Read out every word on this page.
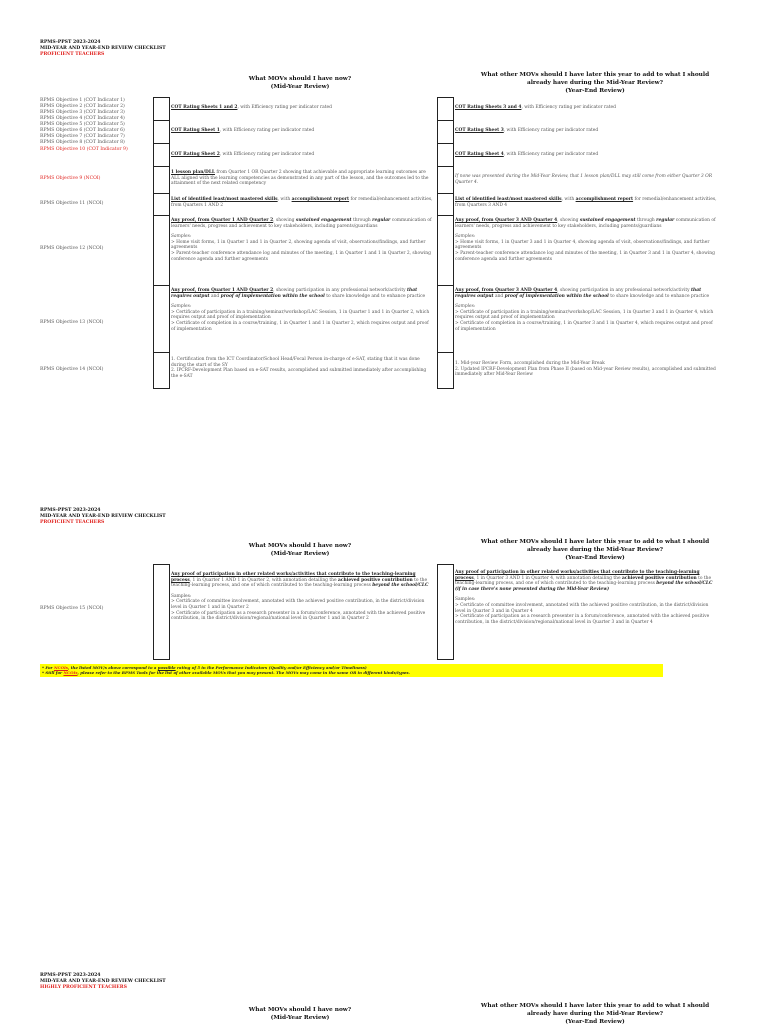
RPMS-PPST 2023-2024
MID-YEAR AND YEAR-END REVIEW CHECKLIST
PROFICIENT TEACHERS
What MOVs should I have now?
(Mid-Year Review)
What other MOVs should I have later this year to add to what I should
already have during the Mid-Year Review?
(Year-End Review)
RPMS Objective 1 (COT Indicator 1)
RPMS Objective 2 (COT Indicator 2)
RPMS Objective 3 (COT Indicator 3)
RPMS Objective 4 (COT Indicator 4)
RPMS Objective 5 (COT Indicator 5)
RPMS Objective 6 (COT Indicator 6)
RPMS Objective 7 (COT Indicator 7)
RPMS Objective 8 (COT Indicator 8)
RPMS Objective 10 (COT Indicator 9)
RPMS Objective 9 (NCOI)
RPMS Objective 11 (NCOI)
RPMS Objective 12 (NCOI)
RPMS Objective 13 (NCOI)
RPMS Objective 14 (NCOI)
COT Rating Sheets 1 and 2, with Efficiency rating per indicator rated
COT Rating Sheet 1, with Efficiency rating per indicator rated
COT Rating Sheet 2, with Efficiency rating per indicator rated
1 lesson plan/DLL from Quarter 1 OR Quarter 2 showing that achievable and appropriate learning outcomes are ALL aligned with the learning competencies as demonstrated in any part of the lesson, and the outcomes led to the attainment of the next related competency
List of identified least/most mastered skills, with accomplishment report for remedial/enhancement activities, from Quarters 1 AND 2

Any proof, from Quarter 1 AND Quarter 2, showing sustained engagement through regular communication of learners' needs, progress and achievement to key stakeholders, including parents/guardians

Samples:

> Home visit forms, 1 in Quarter 1 and 1 in Quarter 2, showing agenda of visit, observations/findings, and further agreements

> Parent-teacher conference attendance log and minutes of the meeting, 1 in Quarter 1 and 1 in Quarter 2, showing conference agenda and further agreements

Any proof, from Quarter 1 AND Quarter 2, showing participation in any professional network/activity that requires output and proof of implementation within the school to share knowledge and to enhance practice

Samples:

> Certificate of participation in a training/seminar/workshop/LAC Session, 1 in Quarter 1 and 1 in Quarter 2, which requires output and proof of implementation

> Certificate of completion in a course/training, 1 in Quarter 1 and 1 in Quarter 2, which requires output and proof of implementation

1. Certification from the ICT Coordinator/School Head/Focal Person in-charge of e-SAT, stating that it was done during the start of the SY

2. IPCRF-Development Plan based on e-SAT results, accomplished and submitted immediately after accomplishing the e-SAT

COT Rating Sheets 3 and 4, with Efficiency rating per indicator rated
COT Rating Sheet 3, with Efficiency rating per indicator rated
COT Rating Sheet 4, with Efficiency rating per indicator rated
If none was presented during the Mid-Year Review, that 1 lesson plan/DLL may still come from either Quarter 3 OR Quarter 4.
List of identified least/most mastered skills, with accomplishment report for remedial/enhancement activities, from Quarters 3 AND 4

Any proof, from Quarter 3 AND Quarter 4, showing sustained engagement through regular communication of learners' needs, progress and achievement to key stakeholders, including parents/guardians

Samples:

> Home visit forms, 1 in Quarter 3 and 1 in Quarter 4, showing agenda of visit, observations/findings, and further agreements

> Parent-teacher conference attendance log and minutes of the meeting, 1 in Quarter 3 and 1 in Quarter 4, showing conference agenda and further agreements

Any proof, from Quarter 3 AND Quarter 4, showing participation in any professional network/activity that requires output and proof of implementation within the school to share knowledge and to enhance practice

Samples:

> Certificate of participation in a training/seminar/workshop/LAC Session, 1 in Quarter 3 and 1 in Quarter 4, which requires output and proof of implementation

> Certificate of completion in a course/training, 1 in Quarter 3 and 1 in Quarter 4, which requires output and proof of implementation

1. Mid-year Review Form, accomplished during the Mid-Year Break

2. Updated IPCRF-Development Plan from Phase II (based on Mid-year Review results), accomplished and submitted immediately after Mid-Year Review

RPMS-PPST 2023-2024
MID-YEAR AND YEAR-END REVIEW CHECKLIST
PROFICIENT TEACHERS
What MOVs should I have now?
(Mid-Year Review)
What other MOVs should I have later this year to add to what I should
already have during the Mid-Year Review?
(Year-End Review)
RPMS Objective 15 (NCOI)

Any proof of participation in other related works/activities that contribute to the teaching-learning process, 1 in Quarter 1 AND 1 in Quarter 2, with annotation detailing the achieved positive contribution to the teaching-learning process, and one of which contributed to the teaching-learning process beyond the school/CLC

Samples:

> Certificate of committee involvement, annotated with the achieved positive contribution, in the district/division level in Quarter 1 and in Quarter 2

> Certificate of participation as a research presenter in a forum/conference, annotated with the achieved positive contribution, in the district/division/regional/national level in Quarter 1 and in Quarter 2

Any proof of participation in other related works/activities that contribute to the teaching-learning process, 1 in Quarter 3 AND 1 in Quarter 4, with annotation detailing the achieved positive contribution to the teaching-learning process, and one of which contributed to the teaching-learning process beyond the school/CLC (if in case there's none presented during the Mid-Year Review)

Samples:

> Certificate of committee involvement, annotated with the achieved positive contribution, in the district/division level in Quarter 3 and in Quarter 4

> Certificate of participation as a research presenter in a forum/conference, annotated with the achieved positive contribution, in the district/division/regional/national level in Quarter 3 and in Quarter 4

* For NCOIs, the listed MOV/s above correspond to a possible rating of 5 in the Performance Indicators (Quality and/or Efficiency and/or Timeliness)
* Still for NCOIs, please refer to the RPMS Tools for the list of other available MOVs that you may present. The MOVs may come in the same OR in different kinds/types.
RPMS-PPST 2023-2024
MID-YEAR AND YEAR-END REVIEW CHECKLIST
HIGHLY PROFICIENT TEACHERS
What MOVs should I have now?
(Mid-Year Review)
What other MOVs should I have later this year to add to what I should
already have during the Mid-Year Review?
(Year-End Review)
